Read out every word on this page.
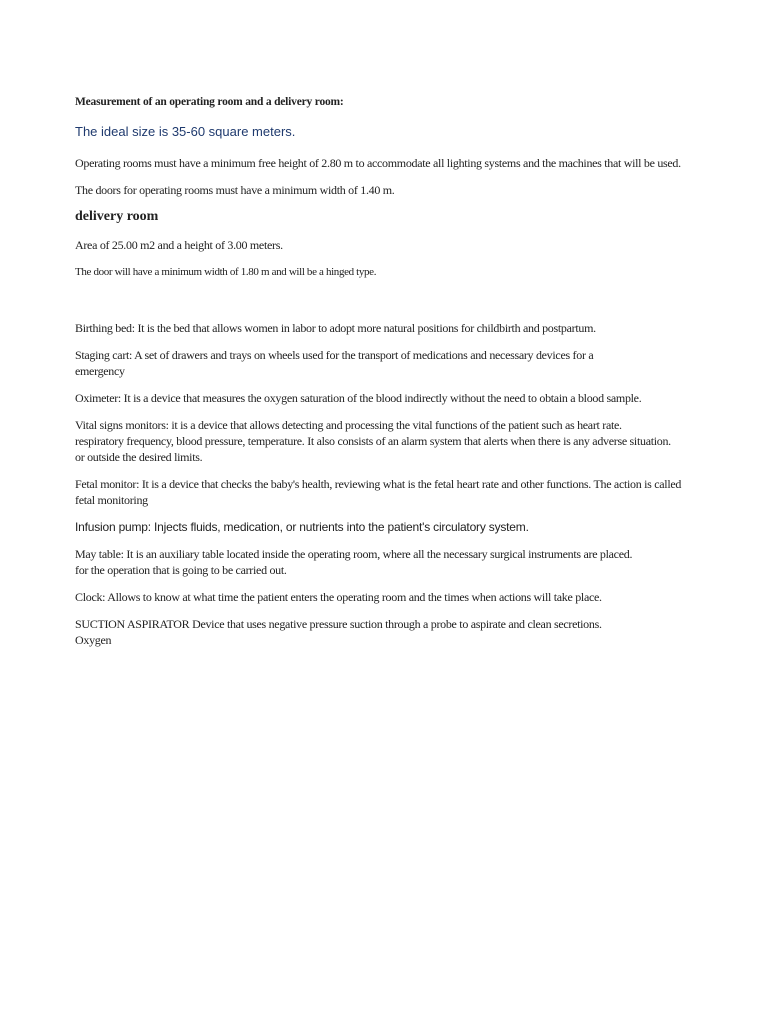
Measurement of an operating room and a delivery room:
The ideal size is 35-60 square meters.

Operating rooms must have a minimum free height of 2.80 m to accommodate all lighting systems and the machines that will be used.

The doors for operating rooms must have a minimum width of 1.40 m.

delivery room

Area of 25.00 m2 and a height of 3.00 meters.

The door will have a minimum width of 1.80 m and will be a hinged type.

Birthing bed: It is the bed that allows women in labor to adopt more natural positions for childbirth and postpartum.

Staging cart: A set of drawers and trays on wheels used for the transport of medications and necessary devices for a
emergency

Oximeter: It is a device that measures the oxygen saturation of the blood indirectly without the need to obtain a blood sample.

Vital signs monitors: it is a device that allows detecting and processing the vital functions of the patient such as heart rate.
respiratory frequency, blood pressure, temperature. It also consists of an alarm system that alerts when there is any adverse situation.
or outside the desired limits.

Fetal monitor: It is a device that checks the baby's health, reviewing what is the fetal heart rate and other functions. The action is called
fetal monitoring

Infusion pump: Injects fluids, medication, or nutrients into the patient's circulatory system.

May table: It is an auxiliary table located inside the operating room, where all the necessary surgical instruments are placed.
for the operation that is going to be carried out.

Clock: Allows to know at what time the patient enters the operating room and the times when actions will take place.

SUCTION ASPIRATOR Device that uses negative pressure suction through a probe to aspirate and clean secretions.

Oxygen
